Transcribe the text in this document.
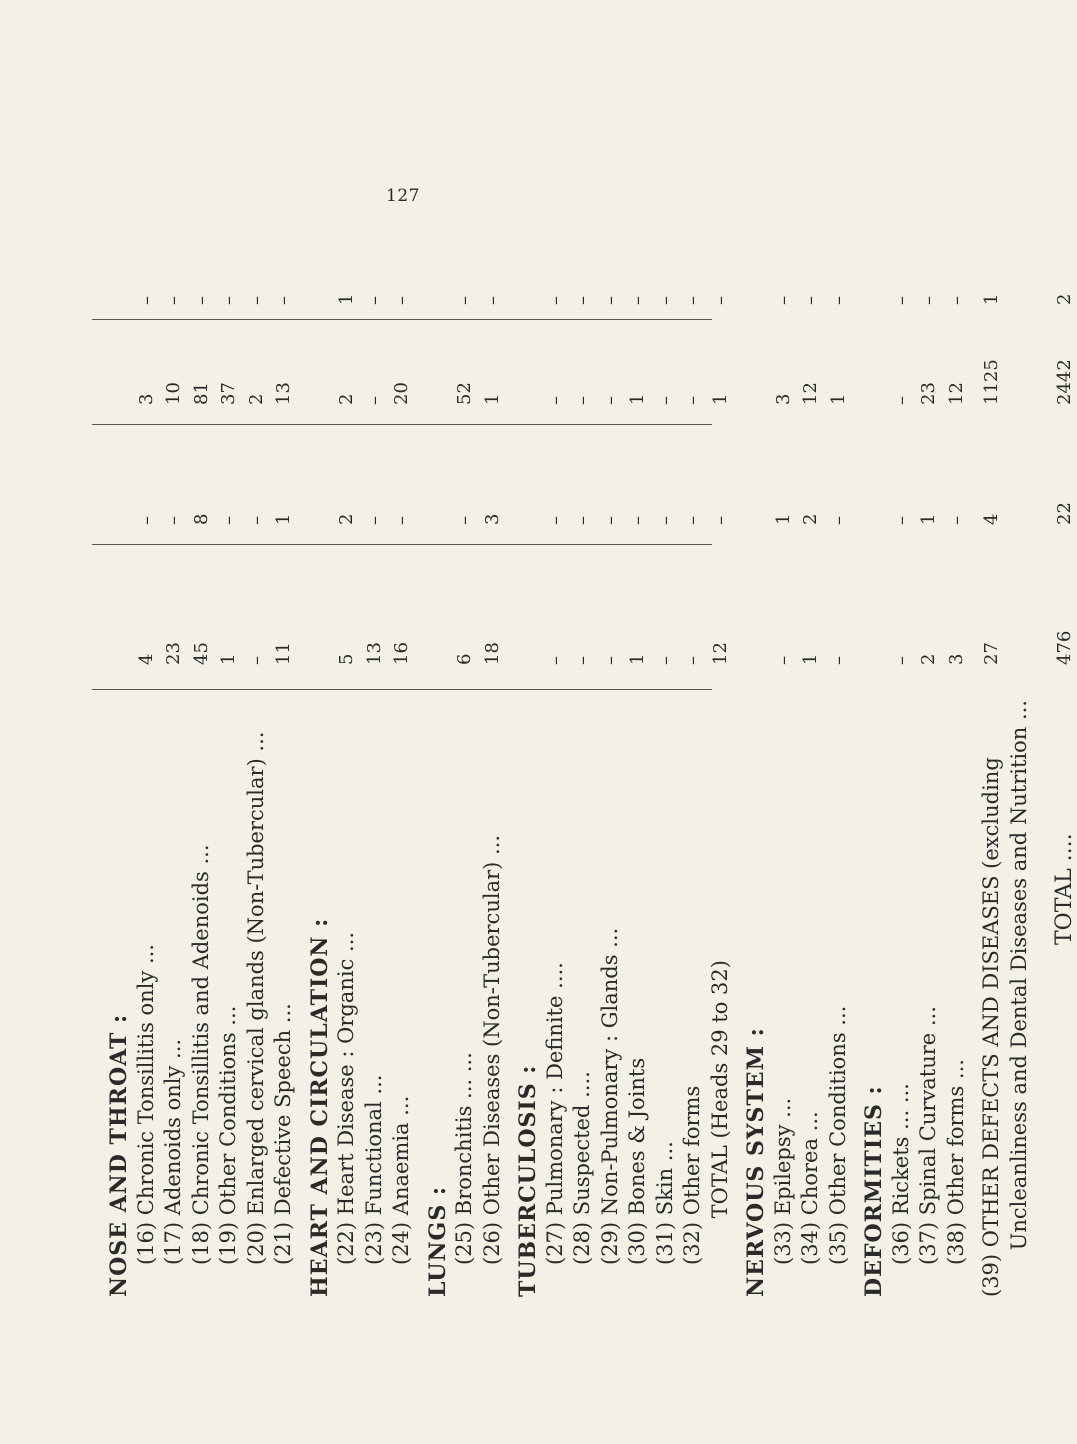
127
NOSE AND THROAT : (16) Chronic Tonsillitis only ...
4
–
3
–
(17) Adenoids only ...
23
–
10
–
(18) Chronic Tonsillitis and Adenoids ...
45
8
81
–
(19) Other Conditions ...
1
–
37
–
(20) Enlarged cervical glands (Non-Tubercular) ...
–
–
2
–
(21) Defective Speech ...
11
1
13
–
HEART AND CIRCULATION : (22) Heart Disease : Organic ...
5
2
2
1
(23) Functional ...
13
–
–
–
(24) Anaemia ...
16
–
20
–
LUNGS : (25) Bronchitis ... ...
6
–
52
–
(26) Other Diseases (Non-Tubercular) ...
18
3
1
–
TUBERCULOSIS : (27) Pulmonary : Definite ....
–
–
–
–
(28) Suspected ....
–
–
–
–
(29) Non-Pulmonary : Glands ...
–
–
–
–
(30) Bones & Joints
1
–
1
–
(31) Skin ...
–
–
–
–
(32) Other forms
–
–
–
–
TOTAL (Heads 29 to 32)
12
–
1
–
NERVOUS SYSTEM : (33) Epilepsy ...
–
1
3
–
(34) Chorea ...
1
2
12
–
(35) Other Conditions ...
–
–
1
–
DEFORMITIES : (36) Rickets ... ...
–
–
–
–
(37) Spinal Curvature ...
2
1
23
–
(38) Other forms ...
3
–
12
–
(39) OTHER DEFECTS AND DISEASES (excluding
27
4
1125
1
Uncleanliness and Dental Diseases and Nutrition ... TOTAL ....
476
22
2442
2
